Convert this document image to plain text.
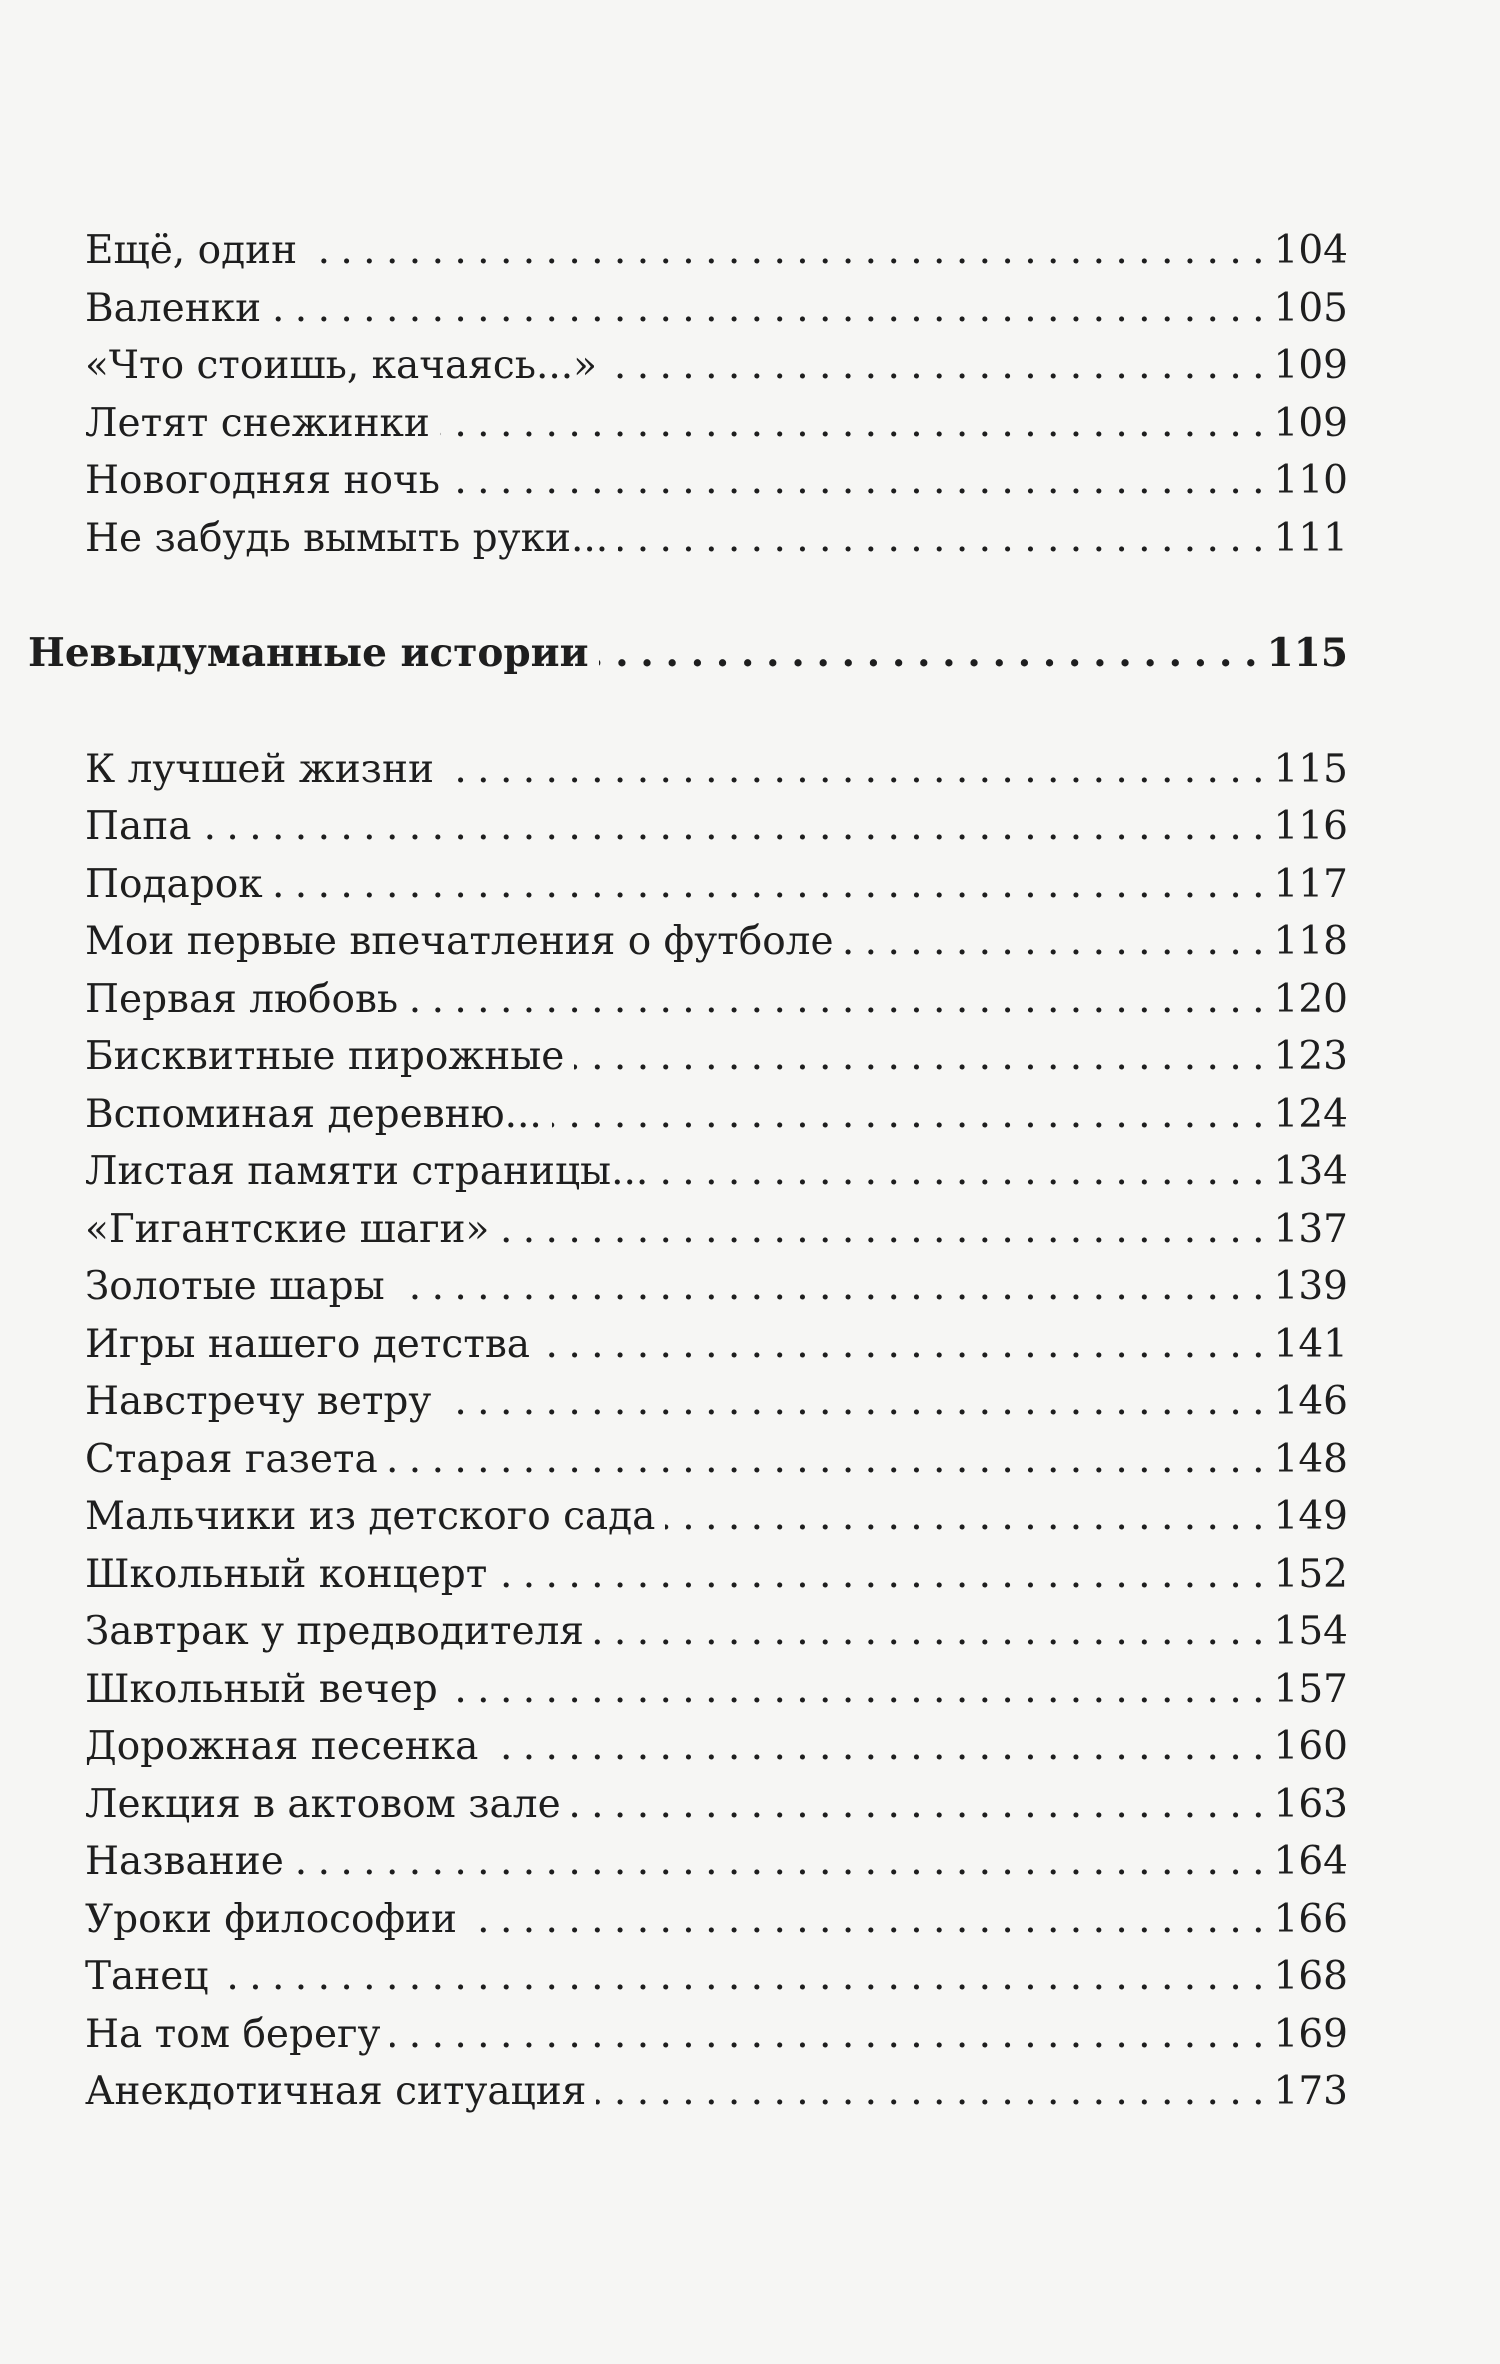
Ещё, один . . .	104
Валенки . . .	105
«Что стоишь, качаясь...» . . .	109
Летят снежинки . . .	109
Новогодняя ночь . . .	110
Не забудь вымыть руки... . . .	111
Невыдуманные истории . . .	115
К лучшей жизни . . .	115
Папа . . .	116
Подарок . . .	117
Мои первые впечатления о футболе . . .	118
Первая любовь . . .	120
Бисквитные пирожные . . .	123
Вспоминая деревню... . . .	124
Листая памяти страницы... . . .	134
«Гигантские шаги» . . .	137
Золотые шары . . .	139
Игры нашего детства . . .	141
Навстречу ветру . . .	146
Старая газета . . .	148
Мальчики из детского сада . . .	149
Школьный концерт . . .	152
Завтрак у предводителя . . .	154
Школьный вечер . . .	157
Дорожная песенка . . .	160
Лекция в актовом зале . . .	163
Название . . .	164
Уроки философии . . .	166
Танец . . .	168
На том берегу . . .	169
Анекдотичная ситуация . . .	173
